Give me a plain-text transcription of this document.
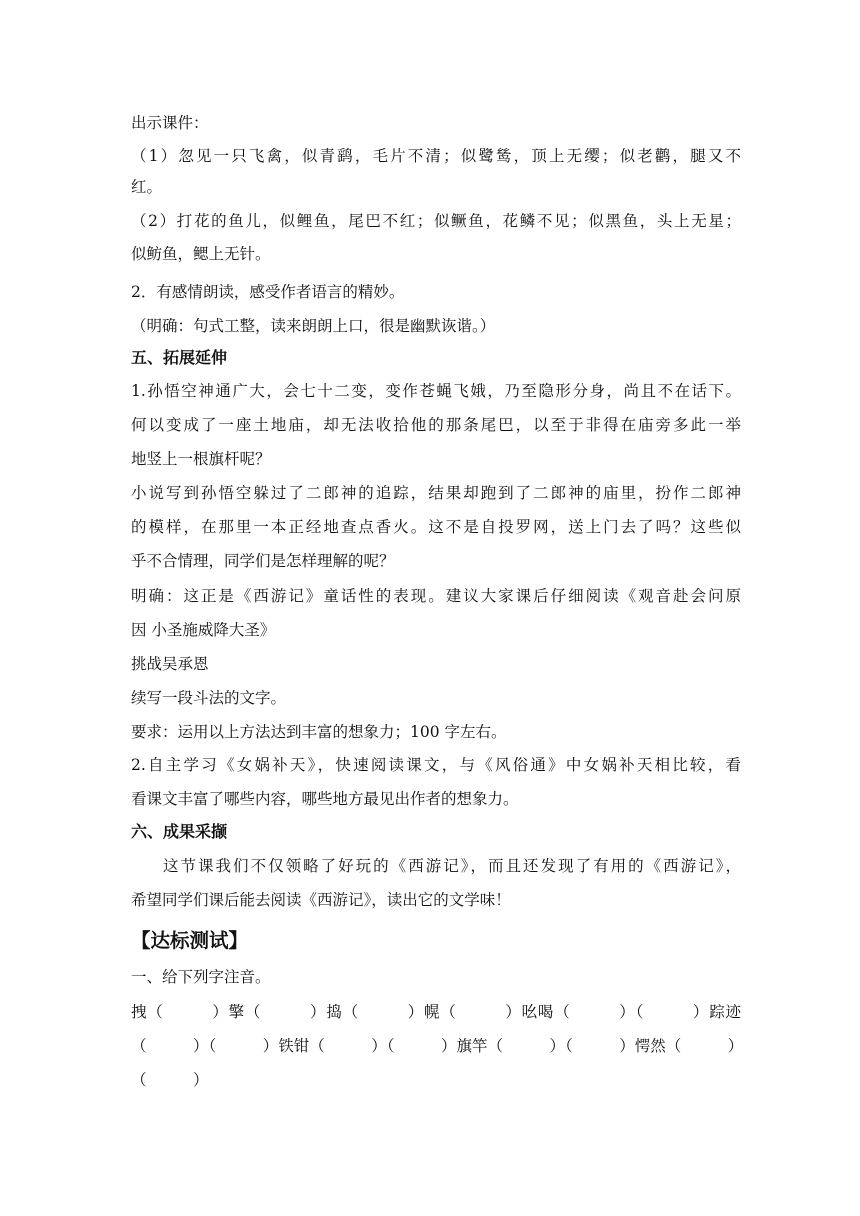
出示课件：
（1）忽见一只飞禽，似青鹞，毛片不清；似鹭鸶，顶上无缨；似老鹳，腿又不
红。
（2）打花的鱼儿，似鲤鱼，尾巴不红；似鳜鱼，花鳞不见；似黑鱼，头上无星；
似鲂鱼，鳃上无针。
2．有感情朗读，感受作者语言的精妙。
（明确：句式工整，读来朗朗上口，很是幽默诙谐。）
五、拓展延伸
1.孙悟空神通广大，会七十二变，变作苍蝇飞娥，乃至隐形分身，尚且不在话下。
何以变成了一座土地庙，却无法收拾他的那条尾巴，以至于非得在庙旁多此一举
地竖上一根旗杆呢？
小说写到孙悟空躲过了二郎神的追踪，结果却跑到了二郎神的庙里，扮作二郎神
的模样，在那里一本正经地查点香火。这不是自投罗网，送上门去了吗？这些似
乎不合情理，同学们是怎样理解的呢？
明确：这正是《西游记》童话性的表现。建议大家课后仔细阅读《观音赴会问原
因 小圣施威降大圣》
挑战吴承恩
续写一段斗法的文字。
要求：运用以上方法达到丰富的想象力；100 字左右。
2.自主学习《女娲补天》，快速阅读课文，与《风俗通》中女娲补天相比较，看
看课文丰富了哪些内容，哪些地方最见出作者的想象力。
六、成果采撷
这节课我们不仅领略了好玩的《西游记》，而且还发现了有用的《西游记》，
希望同学们课后能去阅读《西游记》，读出它的文学味！
【达标测试】
一、给下列字注音。
拽（　　　）擎（　　　）捣（　　　）幌（　　　）吆喝（　　　）（　　　）踪迹
（　　　）（　　　）铁钳（　　　）（　　　）旗竿（　　　）（　　　）愕然（　　　）
（　　　）
